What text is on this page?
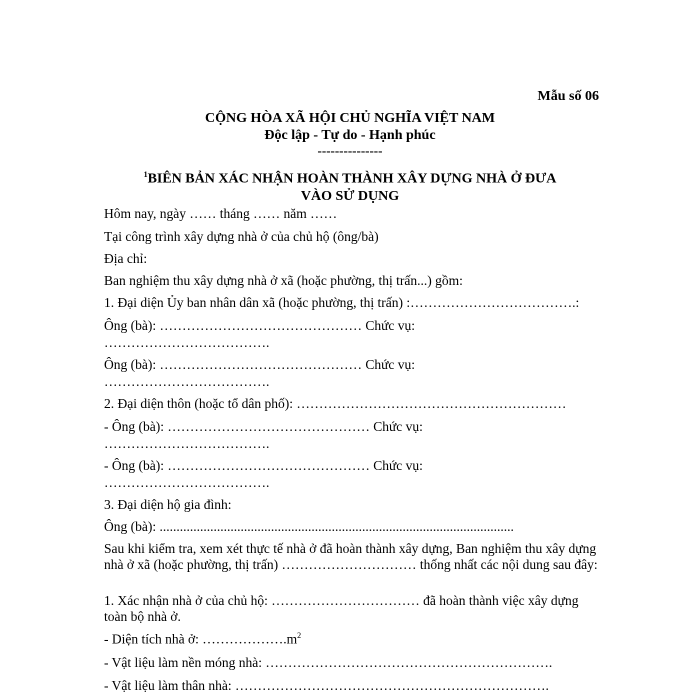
Mẫu số 06
CỘNG HÒA XÃ HỘI CHỦ NGHĨA VIỆT NAM
Độc lập - Tự do - Hạnh phúc
---------------
$^1$BIÊN BẢN XÁC NHẬN HOÀN THÀNH XÂY DỰNG NHÀ Ở ĐƯA VÀO SỬ DỤNG
Hôm nay, ngày …… tháng …… năm ……
Tại công trình xây dựng nhà ở của chủ hộ (ông/bà)
Địa chỉ:
Ban nghiệm thu xây dựng nhà ở xã (hoặc phường, thị trấn...) gồm:
1. Đại diện Ủy ban nhân dân xã (hoặc phường, thị trấn) :……………………………….:
Ông (bà): ……………………………………… Chức vụ:
……………………………….
Ông (bà): ……………………………………… Chức vụ:
……………………………….
2. Đại diện thôn (hoặc tổ dân phố): ……………………………………………………
- Ông (bà): ……………………………………… Chức vụ:
……………………………….
- Ông (bà): ……………………………………… Chức vụ:
……………………………….
3. Đại diện hộ gia đình:
Ông (bà): .........................................................................................................
Sau khi kiểm tra, xem xét thực tế nhà ở đã hoàn thành xây dựng, Ban nghiệm thu xây dựng nhà ở xã (hoặc phường, thị trấn) ………………………… thống nhất các nội dung sau đây:
1. Xác nhận nhà ở của chủ hộ: …………………………… đã hoàn thành việc xây dựng toàn bộ nhà ở.
- Diện tích nhà ở: $\dots\dots\dots\dots\dots\dots.m^2$
- Vật liệu làm nền móng nhà: ……………………………………………………….
- Vật liệu làm thân nhà: …………………………………………………………….
